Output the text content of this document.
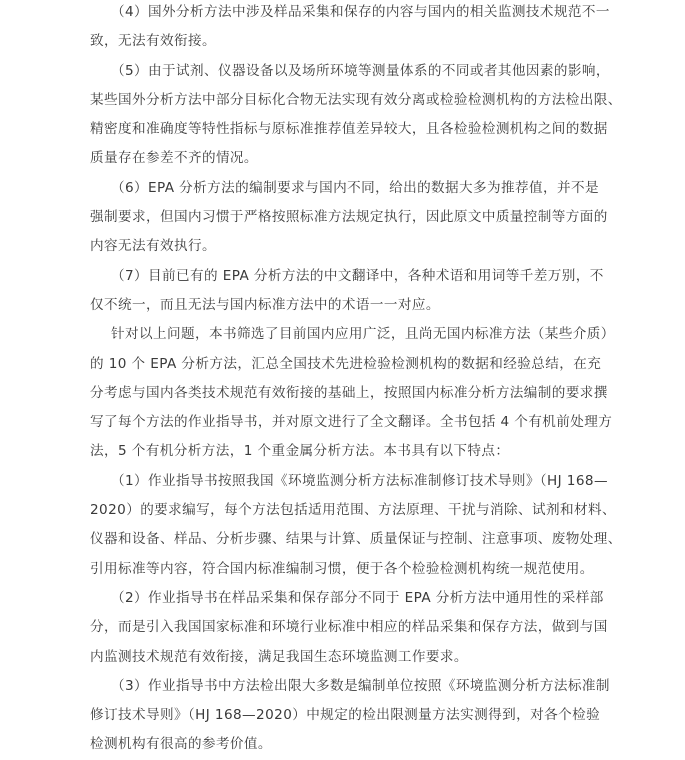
（4）国外分析方法中涉及样品采集和保存的内容与国内的相关监测技术规范不一
致，无法有效衔接。

（5）由于试剂、仪器设备以及场所环境等测量体系的不同或者其他因素的影响，
某些国外分析方法中部分目标化合物无法实现有效分离或检验检测机构的方法检出限、
精密度和准确度等特性指标与原标准推荐值差异较大，且各检验检测机构之间的数据
质量存在参差不齐的情况。

（6）EPA 分析方法的编制要求与国内不同，给出的数据大多为推荐值，并不是
强制要求，但国内习惯于严格按照标准方法规定执行，因此原文中质量控制等方面的
内容无法有效执行。

（7）目前已有的 EPA 分析方法的中文翻译中，各种术语和用词等千差万别，不
仅不统一，而且无法与国内标准方法中的术语一一对应。

针对以上问题，本书筛选了目前国内应用广泛，且尚无国内标准方法（某些介质）
的 10 个 EPA 分析方法，汇总全国技术先进检验检测机构的数据和经验总结，在充
分考虑与国内各类技术规范有效衔接的基础上，按照国内标准分析方法编制的要求撰
写了每个方法的作业指导书，并对原文进行了全文翻译。全书包括 4 个有机前处理方
法，5 个有机分析方法，1 个重金属分析方法。本书具有以下特点：

（1）作业指导书按照我国《环境监测分析方法标准制修订技术导则》（HJ 168—
2020）的要求编写，每个方法包括适用范围、方法原理、干扰与消除、试剂和材料、
仪器和设备、样品、分析步骤、结果与计算、质量保证与控制、注意事项、废物处理、
引用标准等内容，符合国内标准编制习惯，便于各个检验检测机构统一规范使用。

（2）作业指导书在样品采集和保存部分不同于 EPA 分析方法中通用性的采样部
分，而是引入我国国家标准和环境行业标准中相应的样品采集和保存方法，做到与国
内监测技术规范有效衔接，满足我国生态环境监测工作要求。

（3）作业指导书中方法检出限大多数是编制单位按照《环境监测分析方法标准制
修订技术导则》（HJ 168—2020）中规定的检出限测量方法实测得到，对各个检验
检测机构有很高的参考价值。
